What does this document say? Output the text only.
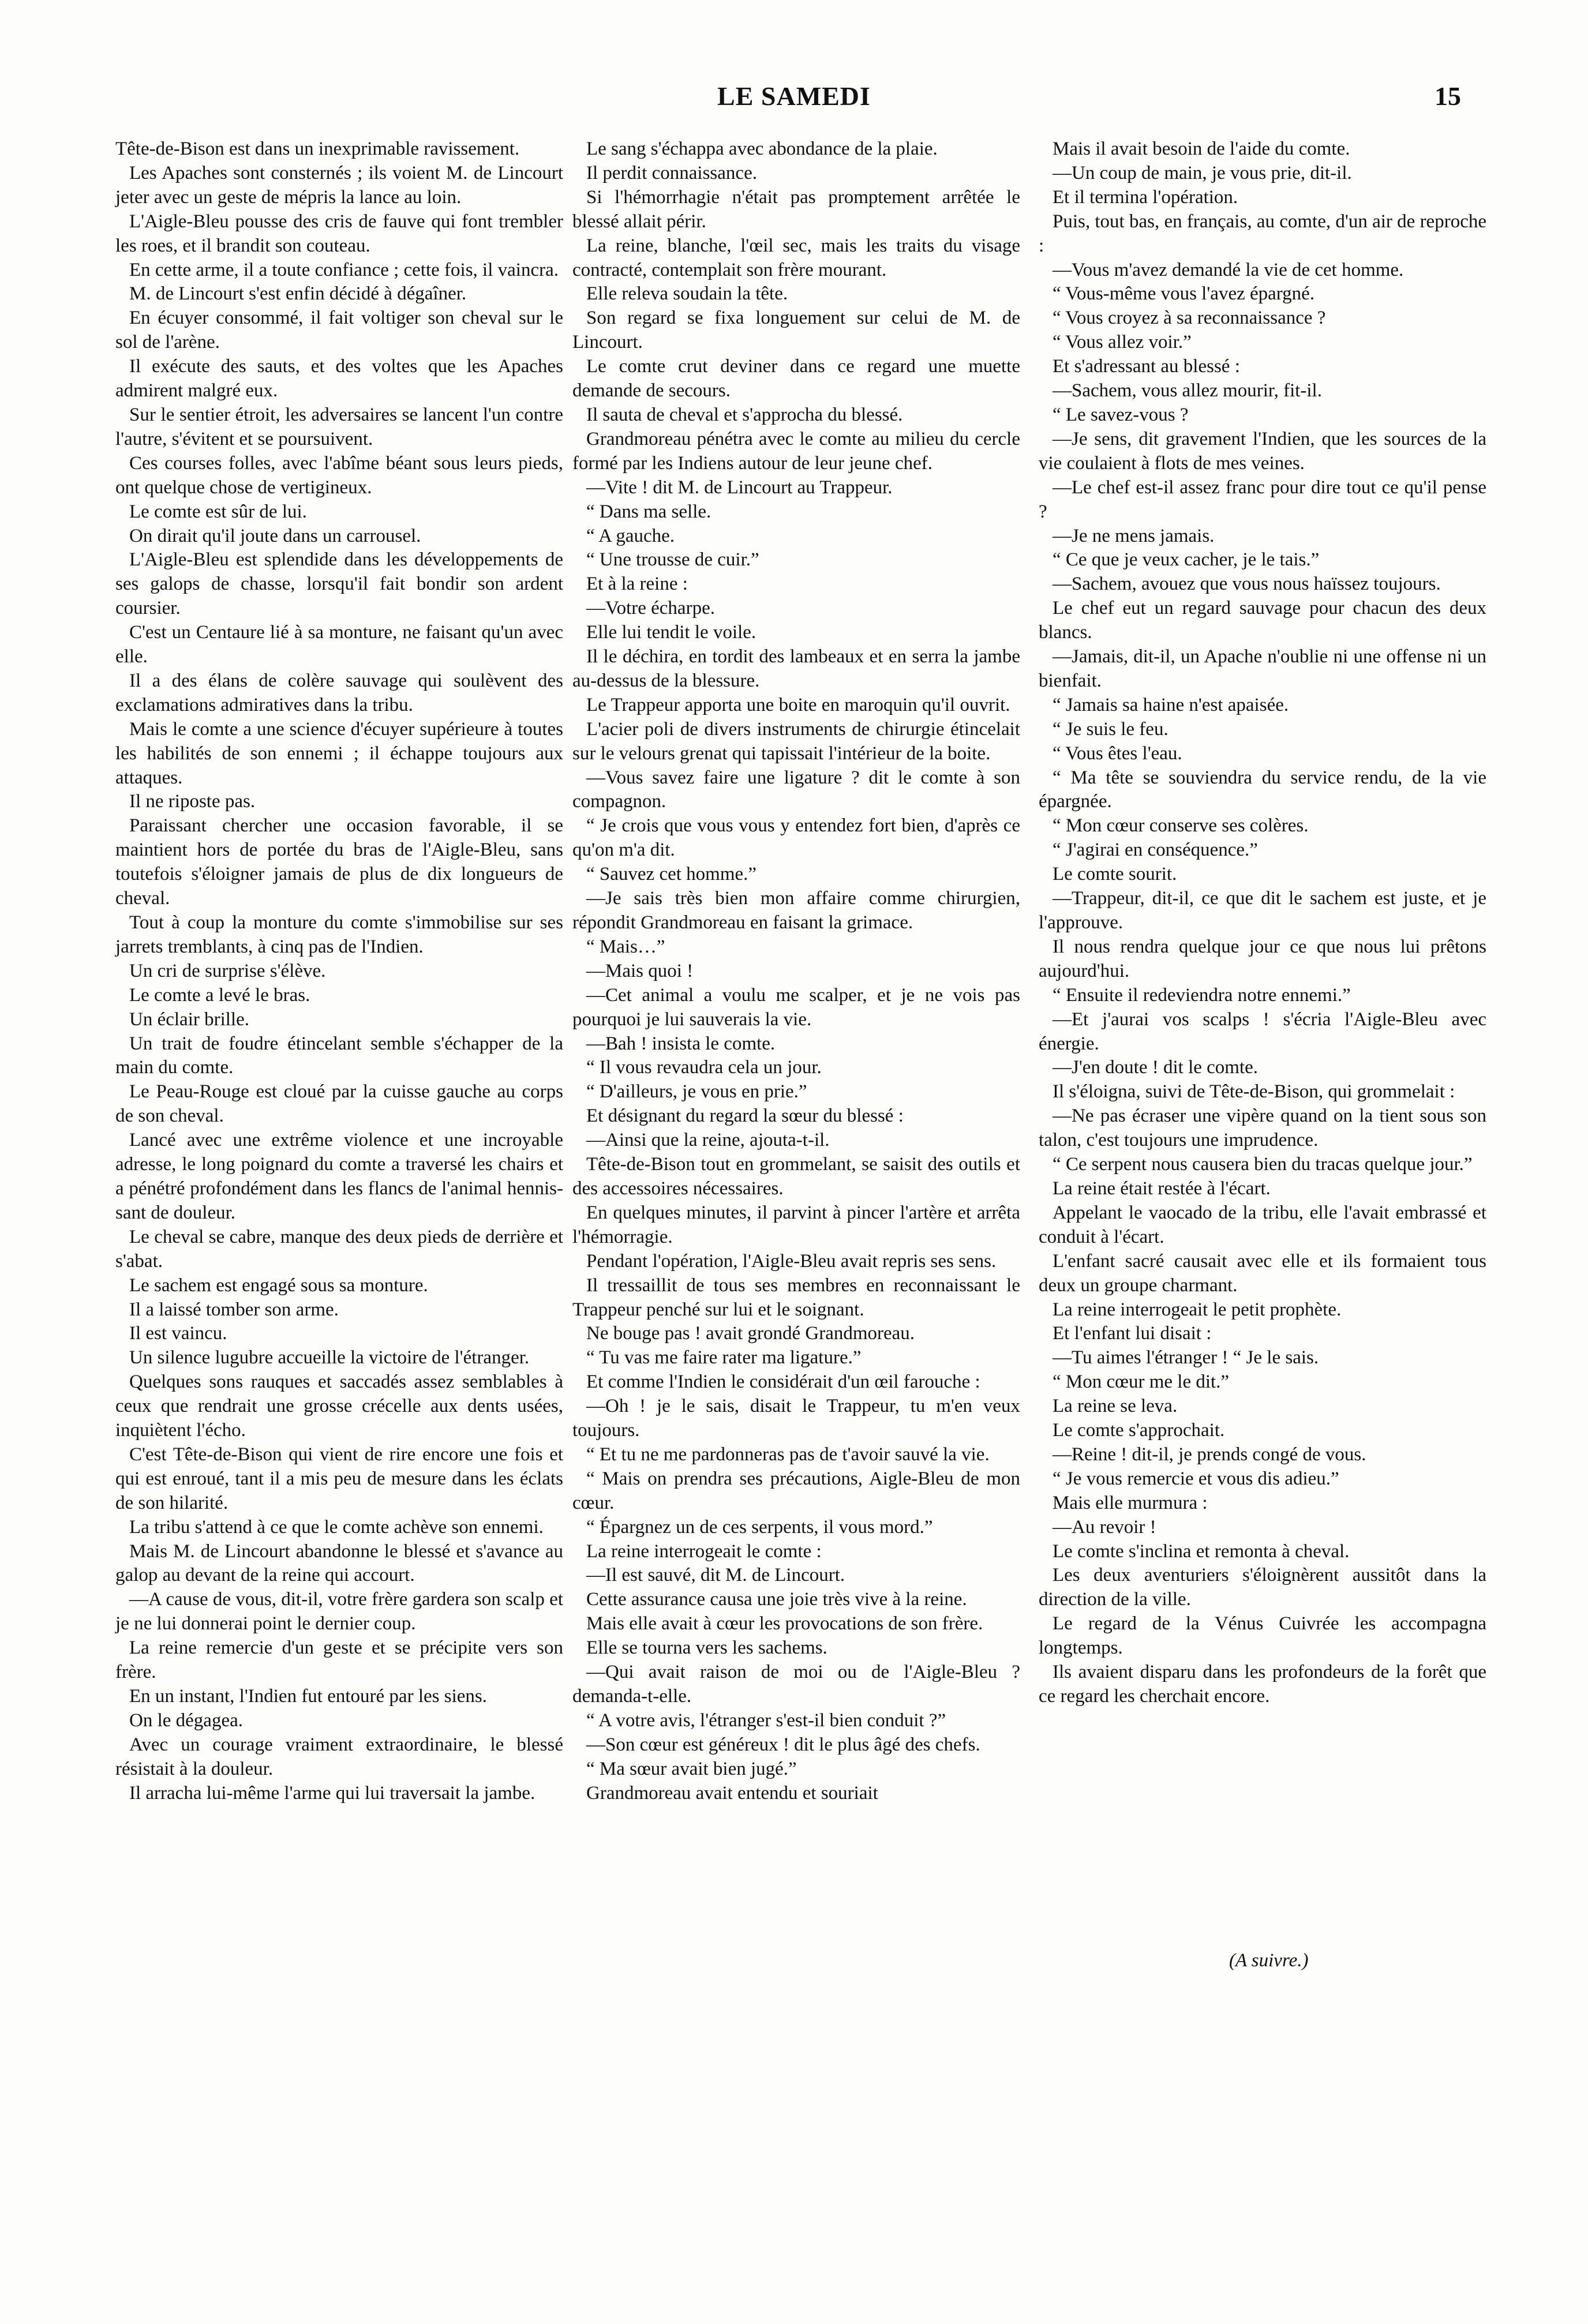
LE SAMEDI	15

Tête-de-Bison est dans un inexprimable ravissement.

Les Apaches sont consternés ; ils voient M. de Lincourt jeter avec un geste de mépris la lance au loin.

L'Aigle-Bleu pousse des cris de fauve qui font trembler les roes, et il brandit son couteau.

En cette arme, il a toute confiance ; cette fois, il vaincra.

M. de Lincourt s'est enfin décidé à dégaîner.

En écuyer consommé, il fait voltiger son cheval sur le sol de l'arène.

Il exécute des sauts, et des voltes que les Apaches admirent malgré eux.

Sur le sentier étroit, les adversaires se lancent l'un contre l'autre, s'évitent et se poursuivent.

Ces courses folles, avec l'abîme béant sous leurs pieds, ont quelque chose de vertigineux.

Le comte est sûr de lui.

On dirait qu'il joute dans un carrousel.

L'Aigle-Bleu est splendide dans les développements de ses galops de chasse, lorsqu'il fait bondir son ardent coursier.

C'est un Centaure lié à sa monture, ne faisant qu'un avec elle.

Il a des élans de colère sauvage qui soulèvent des exclamations admiratives dans la tribu.

Mais le comte a une science d'écuyer supérieure à toutes les habilités de son ennemi ; il échappe toujours aux attaques.

Il ne riposte pas.

Paraissant chercher une occasion favorable, il se maintient hors de portée du bras de l'Aigle-Bleu, sans toutefois s'éloigner jamais de plus de dix longueurs de cheval.

Tout à coup la monture du comte s'immobilise sur ses jarrets tremblants, à cinq pas de l'Indien.

Un cri de surprise s'élève.

Le comte a levé le bras.

Un éclair brille.

Un trait de foudre étincelant semble s'échapper de la main du comte.

Le Peau-Rouge est cloué par la cuisse gauche au corps de son cheval.

Lancé avec une extrême violence et une incroyable adresse, le long poignard du comte a traversé les chairs et a pénétré profondément dans les flancs de l'animal hennissant de douleur.

Le cheval se cabre, manque des deux pieds de derrière et s'abat.

Le sachem est engagé sous sa monture.

Il a laissé tomber son arme.

Il est vaincu.

Un silence lugubre accueille la victoire de l'étranger.

Quelques sons rauques et saccadés assez semblables à ceux que rendrait une grosse crécelle aux dents usées, inquiètent l'écho.

C'est Tête-de-Bison qui vient de rire encore une fois et qui est enroué, tant il a mis peu de mesure dans les éclats de son hilarité.

La tribu s'attend à ce que le comte achève son ennemi.

Mais M. de Lincourt abandonne le blessé et s'avance au galop au devant de la reine qui accourt.

—A cause de vous, dit-il, votre frère gardera son scalp et je ne lui donnerai point le dernier coup.

La reine remercie d'un geste et se précipite vers son frère.

En un instant, l'Indien fut entouré par les siens.

On le dégagea.

Avec un courage vraiment extraordinaire, le blessé résistait à la douleur.

Il arracha lui-même l'arme qui lui traversait la jambe.

Le sang s'échappa avec abondance de la plaie.

Il perdit connaissance.

Si l'hémorrhagie n'était pas promptement arrêtée le blessé allait périr.

La reine, blanche, l'œil sec, mais les traits du visage contracté, contemplait son frère mourant.

Elle releva soudain la tête.

Son regard se fixa longuement sur celui de M. de Lincourt.

Le comte crut deviner dans ce regard une muette demande de secours.

Il sauta de cheval et s'approcha du blessé.

Grandmoreau pénétra avec le comte au milieu du cercle formé par les Indiens autour de leur jeune chef.

—Vite ! dit M. de Lincourt au Trappeur.

“ Dans ma selle.

“ A gauche.

“ Une trousse de cuir.”

Et à la reine :

—Votre écharpe.

Elle lui tendit le voile.

Il le déchira, en tordit des lambeaux et en serra la jambe au-dessus de la blessure.

Le Trappeur apporta une boite en maroquin qu'il ouvrit.

L'acier poli de divers instruments de chirurgie étincelait sur le velours grenat qui tapissait l'intérieur de la boite.

—Vous savez faire une ligature ? dit le comte à son compagnon.

“ Je crois que vous vous y entendez fort bien, d'après ce qu'on m'a dit.

“ Sauvez cet homme.”

—Je sais très bien mon affaire comme chirurgien, répondit Grandmoreau en faisant la grimace.

“ Mais…”

—Mais quoi !

—Cet animal a voulu me scalper, et je ne vois pas pourquoi je lui sauverais la vie.

—Bah ! insista le comte.

“ Il vous revaudra cela un jour.

“ D'ailleurs, je vous en prie.”

Et désignant du regard la sœur du blessé :

—Ainsi que la reine, ajouta-t-il.

Tête-de-Bison tout en grommelant, se saisit des outils et des accessoires nécessaires.

En quelques minutes, il parvint à pincer l'artère et arrêta l'hémorragie.

Pendant l'opération, l'Aigle-Bleu avait repris ses sens.

Il tressaillit de tous ses membres en reconnaissant le Trappeur penché sur lui et le soignant.

Ne bouge pas ! avait grondé Grandmoreau.

“ Tu vas me faire rater ma ligature.”

Et comme l'Indien le considérait d'un œil farouche :

—Oh ! je le sais, disait le Trappeur, tu m'en veux toujours.

“ Et tu ne me pardonneras pas de t'avoir sauvé la vie.

“ Mais on prendra ses précautions, Aigle-Bleu de mon cœur.

“ Épargnez un de ces serpents, il vous mord.”

La reine interrogeait le comte :

—Il est sauvé, dit M. de Lincourt.

Cette assurance causa une joie très vive à la reine.

Mais elle avait à cœur les provocations de son frère.

Elle se tourna vers les sachems.

—Qui avait raison de moi ou de l'Aigle-Bleu ? demanda-t-elle.

“ A votre avis, l'étranger s'est-il bien conduit ?”

—Son cœur est généreux ! dit le plus âgé des chefs.

“ Ma sœur avait bien jugé.”

Grandmoreau avait entendu et souriait

Mais il avait besoin de l'aide du comte.

—Un coup de main, je vous prie, dit-il.

Et il termina l'opération.

Puis, tout bas, en français, au comte, d'un air de reproche :

—Vous m'avez demandé la vie de cet homme.

“ Vous-même vous l'avez épargné.

“ Vous croyez à sa reconnaissance ?

“ Vous allez voir.”

Et s'adressant au blessé :

—Sachem, vous allez mourir, fit-il.

“ Le savez-vous ?

—Je sens, dit gravement l'Indien, que les sources de la vie coulaient à flots de mes veines.

—Le chef est-il assez franc pour dire tout ce qu'il pense ?

—Je ne mens jamais.

“ Ce que je veux cacher, je le tais.”

—Sachem, avouez que vous nous haïssez toujours.

Le chef eut un regard sauvage pour chacun des deux blancs.

—Jamais, dit-il, un Apache n'oublie ni une offense ni un bienfait.

“ Jamais sa haine n'est apaisée.

“ Je suis le feu.

“ Vous êtes l'eau.

“ Ma tête se souviendra du service rendu, de la vie épargnée.

“ Mon cœur conserve ses colères.

“ J'agirai en conséquence.”

Le comte sourit.

—Trappeur, dit-il, ce que dit le sachem est juste, et je l'approuve.

Il nous rendra quelque jour ce que nous lui prêtons aujourd'hui.

“ Ensuite il redeviendra notre ennemi.”

—Et j'aurai vos scalps ! s'écria l'Aigle-Bleu avec énergie.

—J'en doute ! dit le comte.

Il s'éloigna, suivi de Tête-de-Bison, qui grommelait :

—Ne pas écraser une vipère quand on la tient sous son talon, c'est toujours une imprudence.

“ Ce serpent nous causera bien du tracas quelque jour.”

La reine était restée à l'écart.

Appelant le vaocado de la tribu, elle l'avait embrassé et conduit à l'écart.

L'enfant sacré causait avec elle et ils formaient tous deux un groupe charmant.

La reine interrogeait le petit prophète.

Et l'enfant lui disait :

—Tu aimes l'étranger ! “ Je le sais.

“ Mon cœur me le dit.”

La reine se leva.

Le comte s'approchait.

—Reine ! dit-il, je prends congé de vous.

“ Je vous remercie et vous dis adieu.”

Mais elle murmura :

—Au revoir !

Le comte s'inclina et remonta à cheval.

Les deux aventuriers s'éloignèrent aussitôt dans la direction de la ville.

Le regard de la Vénus Cuivrée les accompagna longtemps.

Ils avaient disparu dans les profondeurs de la forêt que ce regard les cherchait encore.

(A suivre.)
